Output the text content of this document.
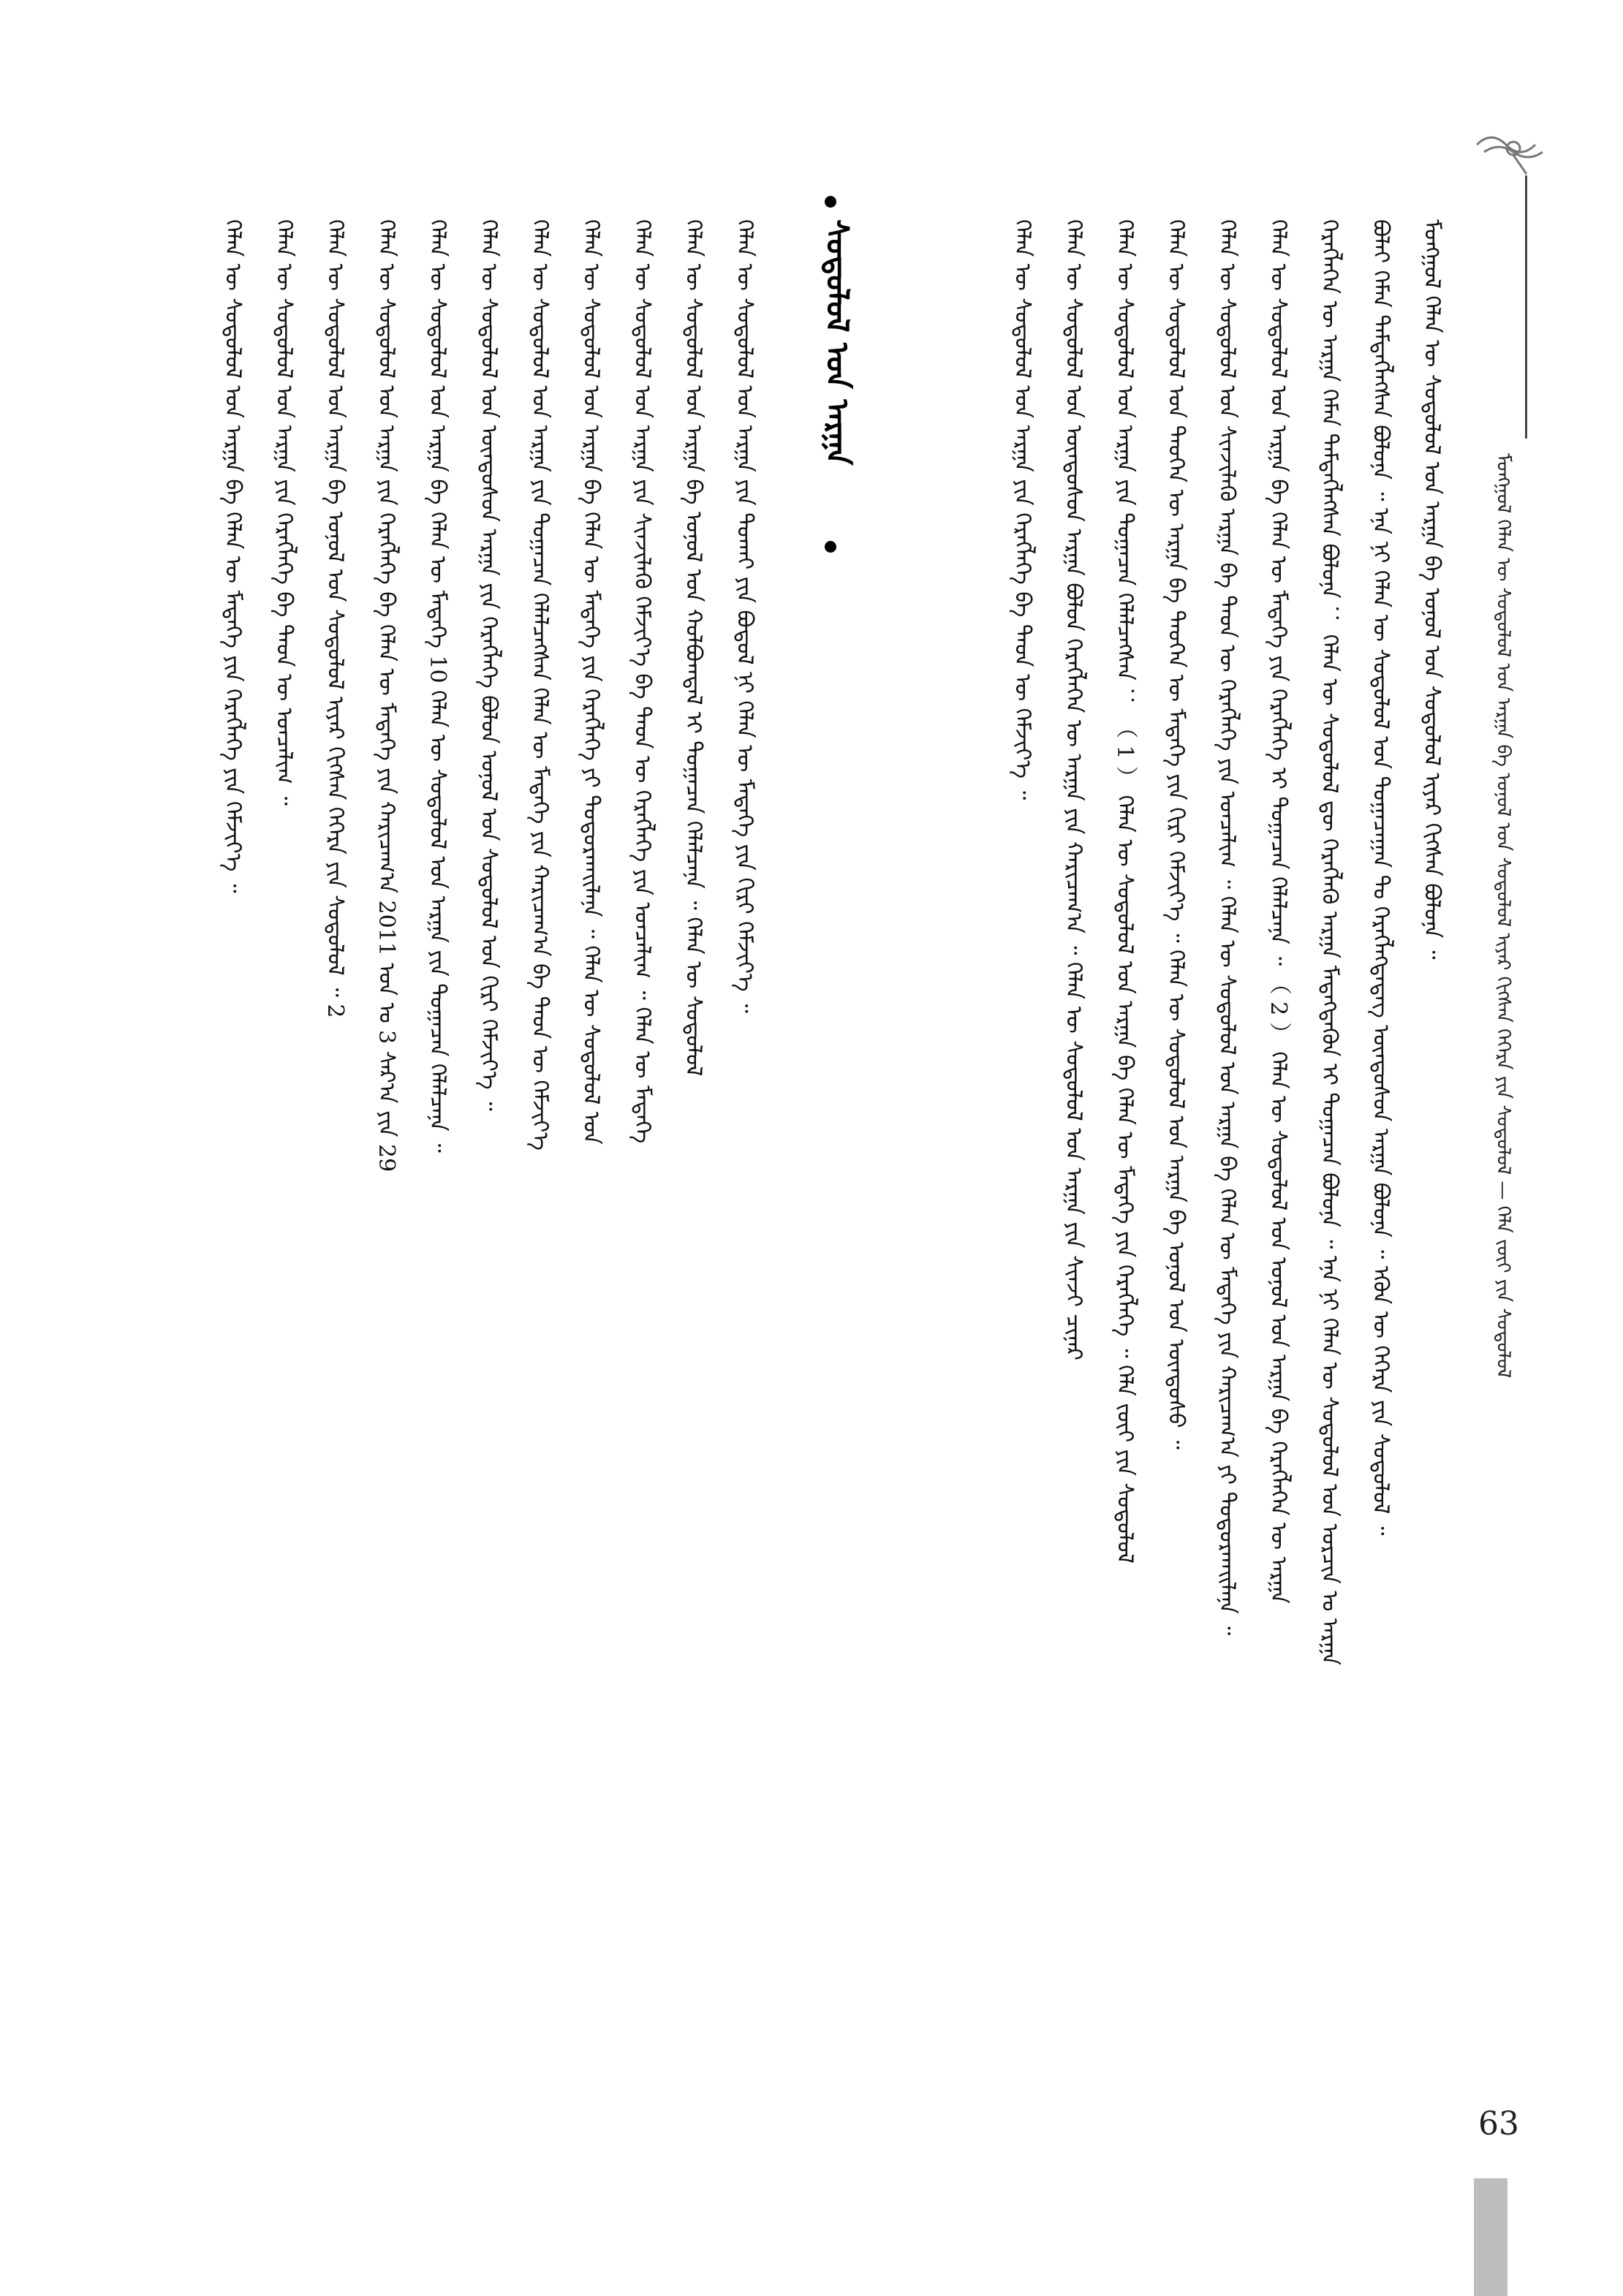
ᠮᠣᠩᠭᠣᠯ ᠬᠡᠯᠡᠨ ᠦ ᠰᠤᠳᠤᠯᠤᠯ ᠤᠨ ᠠᠷᠭᠠ ᠪᠠ ᠣᠨᠣᠯ ᠤᠨ ᠰᠤᠳᠤᠯᠤᠯ ᠢᠶᠠᠷ ᠬᠢᠭᠰᠡᠨ ᠬᠡᠭᠡᠷᠡ ᠶᠢᠨ ᠰᠤᠳᠤᠯᠤᠯ — ᠬᠡᠯᠡ ᠵᠦᠢ ᠶᠢᠨ ᠰᠤᠳᠤᠯᠤᠯ
ᠮᠣᠩᠭᠣᠯ ᠬᠡᠯᠡᠨ ᠦ ᠰᠤᠳᠤᠯᠤᠯ ᠤᠨ ᠠᠷᠭᠠ ᠪᠠ ᠣᠨᠣᠯ ᠤᠨ ᠰᠤᠳᠤᠯᠤᠯ ᠢᠶᠠᠷ ᠬᠢᠭᠰᠡᠨ ᠪᠣᠯᠤᠨᠠ ᠃
ᠪᠣᠯᠠᠢ ᠬᠡᠮᠡᠨ ᠲᠡᠮᠳᠡᠭᠯᠡᠭᠰᠡᠨ ᠪᠣᠯᠤᠨᠠ ᠃ ᠡᠨᠡ ᠨᠢ ᠬᠡᠯᠡᠨ ᠦ ᠰᠤᠳᠤᠯᠤᠯ ᠤᠨ ᠲᠣᠭᠠᠴᠠᠭᠠᠨ ᠲᠤ ᠬᠡᠷᠡᠭᠯᠡᠭᠳᠡᠳᠡᠭ ᠦᠨᠳᠦᠰᠦᠨ ᠠᠷᠭᠠ ᠪᠣᠯᠤᠨᠠ ᠃ ᠡᠭᠦᠨ ᠦ ᠬᠡᠭᠡᠷᠡ ᠶᠢᠨ ᠰᠤᠳᠤᠯᠤᠯ ᠃
ᠬᠡᠷᠡᠭᠯᠡᠭᠡᠨ ᠦ ᠠᠷᠭᠠ ᠬᠡᠮᠡᠨ ᠲᠡᠮᠳᠡᠭᠯᠡᠭᠰᠡᠨ ᠪᠣᠯᠤᠨᠠ ： ᠬᠡᠯᠡᠨ ᠦ ᠰᠤᠳᠤᠯᠤᠯ ᠳᠦ ᠬᠡᠷᠡᠭᠯᠡᠬᠦ ᠠᠷᠭᠠ ᠮᠡᠳᠡᠭᠳᠡᠬᠦᠨ ᠢ ᠲᠣᠭᠠᠴᠠᠨ ᠪᠣᠯᠤᠨᠠ ᠃ ᠡᠨᠡ ᠨᠢ ᠬᠡᠯᠡᠨ ᠦ ᠰᠤᠳᠤᠯᠤᠯ ᠤᠨ ᠣᠷᠴᠢᠨ ᠤ ᠠᠷᠭᠠ
ᠬᠡᠯᠡᠨ ᠦ ᠰᠤᠳᠤᠯᠤᠯ ᠤᠨ ᠠᠷᠭᠠ ᠪᠠ ᠬᠡᠯᠡᠨ ᠦ ᠮᠡᠳᠡᠭᠡ ᠶᠢᠨ ᠬᠡᠷᠡᠭᠯᠡᠭᠡ ᠢ ᠲᠣᠭᠠᠴᠠᠨ ᠬᠡᠯᠡᠯᠴᠡᠨᠡ ᠃ （ 2 ） ᠬᠡᠯᠡᠨ ᠦ ᠰᠤᠳᠤᠯᠤᠯ ᠤᠨ ᠣᠨᠣᠯ ᠤᠨ ᠠᠷᠭᠠ ᠪᠠ ᠬᠡᠷᠡᠭᠯᠡᠭᠡᠨ ᠦ ᠠᠷᠭᠠ
ᠬᠡᠯᠡᠨ ᠦ ᠰᠤᠳᠤᠯᠤᠯ ᠤᠨ ᠰᠢᠨᠵᠢᠯᠡᠬᠦ ᠠᠷᠭᠠ ᠪᠠ ᠲᠡᠦᠨ ᠦ ᠬᠡᠷᠡᠭᠯᠡᠭᠡ ᠶᠢᠨ ᠣᠨᠴᠠᠯᠢᠭ ᠃ ᠬᠡᠯᠡᠨ ᠦ ᠰᠤᠳᠤᠯᠤᠯ ᠤᠨ ᠠᠷᠭᠠ ᠪᠠ ᠬᠡᠯᠡᠨ ᠦ ᠮᠡᠳᠡᠭᠡ ᠶᠢᠨ ᠬᠠᠷᠢᠴᠠᠭ᠎ᠠ ᠶᠢ ᠲᠣᠳᠤᠷᠬᠠᠢᠯᠠᠨᠠ ᠃
ᠬᠡᠯᠡᠨ ᠦ ᠰᠤᠳᠤᠯᠤᠯ ᠤᠨ ᠲᠡᠦᠬᠡᠨ ᠦ ᠠᠷᠭᠠ ᠪᠠ ᠲᠡᠦᠬᠡᠨ ᠦ ᠮᠡᠳᠡᠭᠡ ᠶᠢᠨ ᠬᠢᠷᠢ ᠬᠡᠮᠵᠢᠶ᠎ᠡ ᠃ ᠬᠡᠯᠡᠨ ᠦ ᠰᠤᠳᠤᠯᠤᠯ ᠤᠨ ᠠᠷᠭᠠ ᠪᠠ ᠣᠨᠣᠯ ᠤᠨ ᠦᠨᠳᠦᠰᠦ ᠃
ᠬᠡᠯᠡᠨ ᠦ ᠰᠤᠳᠤᠯᠤᠯ ᠤᠨ ᠠᠷᠭᠠ ᠶᠢᠨ ᠲᠣᠭᠠᠴᠠᠨ ᠬᠡᠯᠡᠯᠴᠡᠭᠰᠡᠨ ： （ 1 ） ᠬᠡᠯᠡᠨ ᠦ ᠰᠤᠳᠤᠯᠤᠯ ᠤᠨ ᠠᠷᠭᠠ ᠪᠠ ᠬᠡᠯᠡᠨ ᠦ ᠮᠡᠳᠡᠭᠡ ᠶᠢᠨ ᠬᠡᠷᠡᠭᠯᠡᠭᠡ ᠃ ᠬᠡᠯᠡ ᠵᠦᠢ ᠶᠢᠨ ᠰᠤᠳᠤᠯᠤᠯ
ᠬᠡᠯᠡᠨ ᠦ ᠰᠤᠳᠤᠯᠤᠯ ᠤᠨ ᠦᠨᠳᠦᠰᠦᠨ ᠠᠷᠭᠠ ᠪᠣᠯᠤᠨ ᠬᠡᠷᠡᠭᠯᠡᠭᠡᠨ ᠦ ᠠᠷᠭᠠ ᠶᠢᠨ ᠬᠠᠷᠢᠴᠠᠭ᠎ᠠ ᠃ ᠬᠡᠯᠡᠨ ᠦ ᠰᠤᠳᠤᠯᠤᠯ ᠤᠨ ᠠᠷᠭᠠ ᠶᠢᠨ ᠰᠢᠨᠵᠢ ᠴᠢᠨᠠᠷ
ᠬᠡᠯᠡᠨ ᠦ ᠰᠤᠳᠤᠯᠤᠯ ᠤᠨ ᠠᠷᠭᠠ ᠶᠢᠨ ᠬᠡᠷᠡᠭᠯᠡᠭᠡ ᠪᠠ ᠲᠡᠦᠨ ᠦ ᠬᠡᠮᠵᠢᠶ᠎ᠡ ᠃
ᠰᠤᠳᠤᠯᠤᠯ ᠤᠨ ᠠᠷᠭᠠ
ᠬᠡᠯᠡᠨ ᠦ ᠰᠤᠳᠤᠯᠤᠯ ᠤᠨ ᠠᠷᠭᠠ ᠶᠢᠨ ᠲᠤᠬᠠᠢ ᠶᠢᠨ ᠪᠣᠳᠤᠯ ᠨᠢ ᠬᠡᠯᠡᠨ ᠦ ᠮᠡᠳᠡᠭᠡ ᠶᠢᠨ ᠬᠢᠷᠢ ᠬᠡᠮᠵᠢᠶ᠎ᠡ ᠃
ᠬᠡᠯᠡᠨ ᠦ ᠰᠤᠳᠤᠯᠤᠯ ᠤᠨ ᠠᠷᠭᠠ ᠪᠠ ᠣᠨᠣᠯ ᠤᠨ ᠬᠣᠯᠪᠣᠭᠳᠠᠯ ᠢ ᠲᠣᠭᠠᠴᠠᠨ ᠬᠡᠯᠡᠯᠴᠡᠨᠡ ᠃ ᠬᠡᠯᠡᠨ ᠦ ᠰᠤᠳᠤᠯᠤᠯ
ᠬᠡᠯᠡᠨ ᠦ ᠰᠤᠳᠤᠯᠤᠯ ᠤᠨ ᠠᠷᠭᠠ ᠶᠢᠨ ᠰᠢᠨᠵᠢᠯᠡᠬᠦ ᠬᠡᠮᠵᠢᠶ᠎ᠡ ᠪᠠ ᠲᠡᠦᠨ ᠦ ᠬᠡᠷᠡᠭᠯᠡᠭᠡ ᠶᠢᠨ ᠣᠨᠴᠠᠯᠢᠭ ᠃ ᠬᠡᠯᠡᠨ ᠦ ᠮᠡᠳᠡᠭᠡ
ᠬᠡᠯᠡᠨ ᠦ ᠰᠤᠳᠤᠯᠤᠯ ᠤᠨ ᠠᠷᠭᠠ ᠪᠠ ᠬᠡᠯᠡᠨ ᠦ ᠮᠡᠳᠡᠭᠡ ᠶᠢᠨ ᠬᠡᠷᠡᠭᠯᠡᠭᠡ ᠶᠢ ᠲᠣᠳᠤᠷᠬᠠᠢᠯᠠᠨᠠ ᠃ ᠬᠡᠯᠡᠨ ᠦ ᠰᠤᠳᠤᠯᠤᠯ ᠤᠨ
ᠬᠡᠯᠡᠨ ᠦ ᠰᠤᠳᠤᠯᠤᠯ ᠤᠨ ᠠᠷᠭᠠ ᠶᠢᠨ ᠲᠣᠭᠠᠴᠠᠨ ᠬᠡᠯᠡᠯᠴᠡᠭᠰᠡᠨ ᠬᠡᠯᠡᠨ ᠦ ᠮᠡᠳᠡᠭᠡ ᠶᠢᠨ ᠬᠠᠷᠢᠴᠠᠭ᠎ᠠ ᠪᠠ ᠲᠡᠦᠨ ᠦ ᠬᠡᠮᠵᠢᠶ᠎ᠡ
ᠬᠡᠯᠡᠨ ᠦ ᠰᠤᠳᠤᠯᠤᠯ ᠤᠨ ᠦᠨᠳᠦᠰᠦᠨ ᠠᠷᠭᠠ ᠶᠢᠨ ᠬᠡᠷᠡᠭᠯᠡᠭᠡ ᠪᠣᠯᠤᠨ ᠣᠨᠣᠯ ᠤᠨ ᠰᠤᠳᠤᠯᠤᠯ ᠤᠨ ᠬᠢᠷᠢ ᠬᠡᠮᠵᠢᠶ᠎ᠡ ᠃
ᠬᠡᠯᠡᠨ ᠦ ᠰᠤᠳᠤᠯᠤᠯ ᠤᠨ ᠠᠷᠭᠠ ᠪᠠ ᠬᠡᠯᠡᠨ ᠦ ᠮᠡᠳᠡᠭᠡ 10 ᠬᠡᠯᠡᠨ ᠦ ᠰᠤᠳᠤᠯᠤᠯ ᠤᠨ ᠠᠷᠭᠠ ᠶᠢᠨ ᠲᠣᠭᠠᠴᠠᠨ ᠬᠡᠯᠡᠯᠴᠡᠨᠡ ᠃
ᠬᠡᠯᠡᠨ ᠦ ᠰᠤᠳᠤᠯᠤᠯ ᠤᠨ ᠠᠷᠭᠠ ᠶᠢᠨ ᠬᠡᠷᠡᠭᠯᠡᠭᠡ ᠪᠠ ᠬᠡᠯᠡᠨ ᠦ ᠮᠡᠳᠡᠭᠡ ᠶᠢᠨ ᠬᠠᠷᠢᠴᠠᠭ᠎ᠠ 2011 ᠣᠨ ᠤ 3 ᠰᠠᠷ᠎ᠠ ᠶᠢᠨ 29
ᠬᠡᠯᠡᠨ ᠦ ᠰᠤᠳᠤᠯᠤᠯ ᠤᠨ ᠠᠷᠭᠠ ᠪᠠ ᠣᠨᠣᠯ ᠤᠨ ᠰᠤᠳᠤᠯᠤᠯ ᠢᠶᠠᠷ ᠬᠢᠭᠰᠡᠨ ᠬᠡᠭᠡᠷᠡ ᠶᠢᠨ ᠰᠤᠳᠤᠯᠤᠯ ᠃ 2
ᠬᠡᠯᠡᠨ ᠦ ᠰᠤᠳᠤᠯᠤᠯ ᠤᠨ ᠠᠷᠭᠠ ᠶᠢᠨ ᠬᠡᠷᠡᠭᠯᠡᠭᠡ ᠪᠠ ᠲᠡᠦᠨ ᠦ ᠣᠨᠴᠠᠯᠢᠭ ᠃
ᠬᠡᠯᠡᠨ ᠦ ᠰᠤᠳᠤᠯᠤᠯ ᠤᠨ ᠠᠷᠭᠠ ᠪᠠ ᠬᠡᠯᠡᠨ ᠦ ᠮᠡᠳᠡᠭᠡ ᠶᠢᠨ ᠬᠡᠷᠡᠭᠯᠡᠭᠡ ᠶᠢᠨ ᠬᠡᠮᠵᠢᠶ᠎ᠡ ᠃
63
